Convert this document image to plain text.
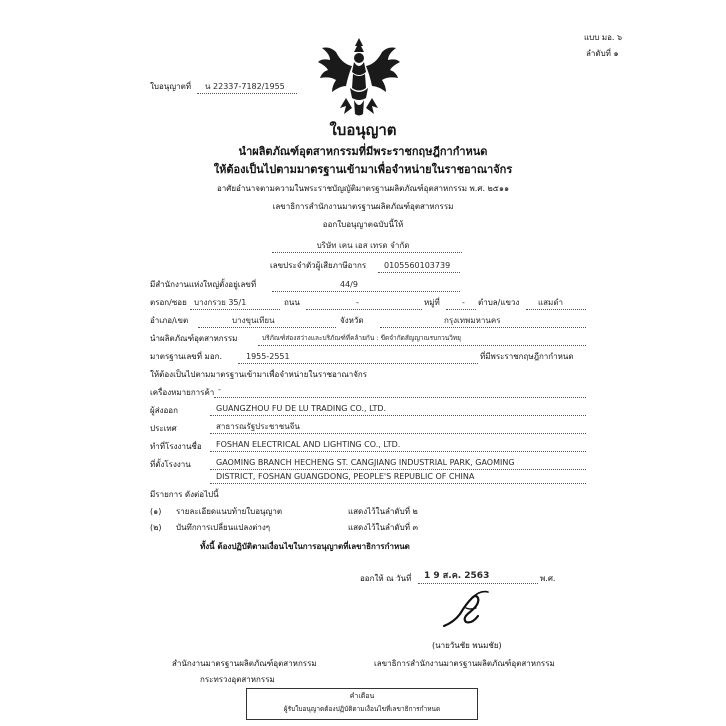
แบบ มอ. ๖
ลำดับที่ ๑
ใบอนุญาตที่ น 22337-7182/1955
ใบอนุญาต
นำผลิตภัณฑ์อุตสาหกรรมที่มีพระราชกฤษฎีกากำหนด
ให้ต้องเป็นไปตามมาตรฐานเข้ามาเพื่อจำหน่ายในราชอาณาจักร
อาศัยอำนาจตามความในพระราชบัญญัติมาตรฐานผลิตภัณฑ์อุตสาหกรรม พ.ศ. ๒๕๑๑
เลขาธิการสำนักงานมาตรฐานผลิตภัณฑ์อุตสาหกรรม
ออกใบอนุญาตฉบับนี้ให้
บริษัท เคน เอส เทรด จำกัด
เลขประจำตัวผู้เสียภาษีอากร 0105560103739
มีสำนักงานแห่งใหญ่ตั้งอยู่เลขที่	44/9
ตรอก/ซอย บางกรวย 35/1	ถนน	-	หมู่ที่	- ตำบล/แขวง แสมดำ
อำเภอ/เขต	บางขุนเทียน	จังหวัด	กรุงเทพมหานคร
นำผลิตภัณฑ์อุตสาหกรรม	บริภัณฑ์ส่องสว่างและบริภัณฑ์ที่คล้ายกัน : ขีดจำกัดสัญญาณรบกวนวิทยุ
มาตรฐานเลขที่ มอก.	1955-2551	ที่มีพระราชกฤษฎีกากำหนด
ให้ต้องเป็นไปตามมาตรฐานเข้ามาเพื่อจำหน่ายในราชอาณาจักร
เครื่องหมายการค้า -
ผู้ส่งออก	GUANGZHOU FU DE LU TRADING CO., LTD.
ประเทศ	สาธารณรัฐประชาชนจีน
ทำที่โรงงานชื่อ FOSHAN ELECTRICAL AND LIGHTING CO., LTD.
ที่ตั้งโรงงาน	GAOMING BRANCH HECHENG ST. CANGJIANG INDUSTRIAL PARK, GAOMING
DISTRICT, FOSHAN GUANGDONG, PEOPLE'S REPUBLIC OF CHINA
มีรายการ ดังต่อไปนี้
(๑) รายละเอียดแนบท้ายใบอนุญาต	แสดงไว้ในลำดับที่ ๒
(๒) บันทึกการเปลี่ยนแปลงต่างๆ	แสดงไว้ในลำดับที่ ๓
ทั้งนี้ ต้องปฏิบัติตามเงื่อนไขในการอนุญาตที่เลขาธิการกำหนด
ออกให้ ณ วันที่ 1 9 ส.ค. 2563	พ.ศ.
(นายวันชัย พนมชัย)
เลขาธิการสำนักงานมาตรฐานผลิตภัณฑ์อุตสาหกรรม
สำนักงานมาตรฐานผลิตภัณฑ์อุตสาหกรรม
กระทรวงอุตสาหกรรม
คำเตือน
ผู้รับใบอนุญาตต้องปฏิบัติตามเงื่อนไขที่เลขาธิการกำหนด
